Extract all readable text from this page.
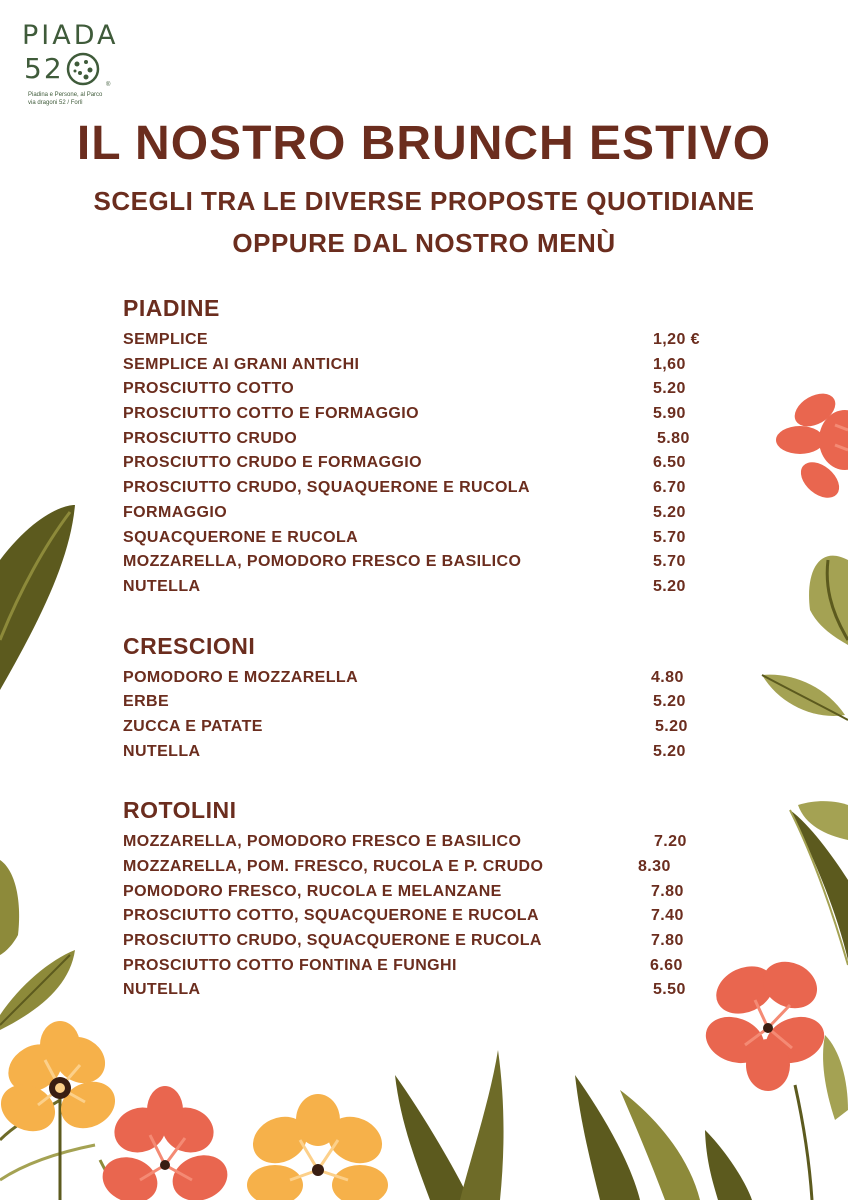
PIADA
52	®
Piadina e Persone, al Parco
via dragoni 52 / Forlì
IL NOSTRO BRUNCH ESTIVO
SCEGLI TRA LE DIVERSE PROPOSTE QUOTIDIANE
OPPURE DAL NOSTRO MENÙ
PIADINE
SEMPLICE	1,20 €
SEMPLICE AI GRANI ANTICHI	1,60
PROSCIUTTO COTTO	5.20
PROSCIUTTO COTTO E FORMAGGIO	5.90
PROSCIUTTO CRUDO	5.80
PROSCIUTTO CRUDO E FORMAGGIO	6.50
PROSCIUTTO CRUDO, SQUAQUERONE E RUCOLA	6.70
FORMAGGIO	5.20
SQUACQUERONE E RUCOLA	5.70
MOZZARELLA, POMODORO FRESCO E BASILICO	5.70
NUTELLA	5.20
CRESCIONI
POMODORO E MOZZARELLA	4.80
ERBE	5.20
ZUCCA E PATATE	5.20
NUTELLA	5.20
ROTOLINI
MOZZARELLA, POMODORO FRESCO E BASILICO	7.20
MOZZARELLA, POM. FRESCO, RUCOLA E P. CRUDO	8.30
POMODORO FRESCO, RUCOLA E MELANZANE	7.80
PROSCIUTTO COTTO, SQUACQUERONE E RUCOLA	7.40
PROSCIUTTO CRUDO, SQUACQUERONE E RUCOLA	7.80
PROSCIUTTO COTTO FONTINA E FUNGHI	6.60
NUTELLA	5.50
